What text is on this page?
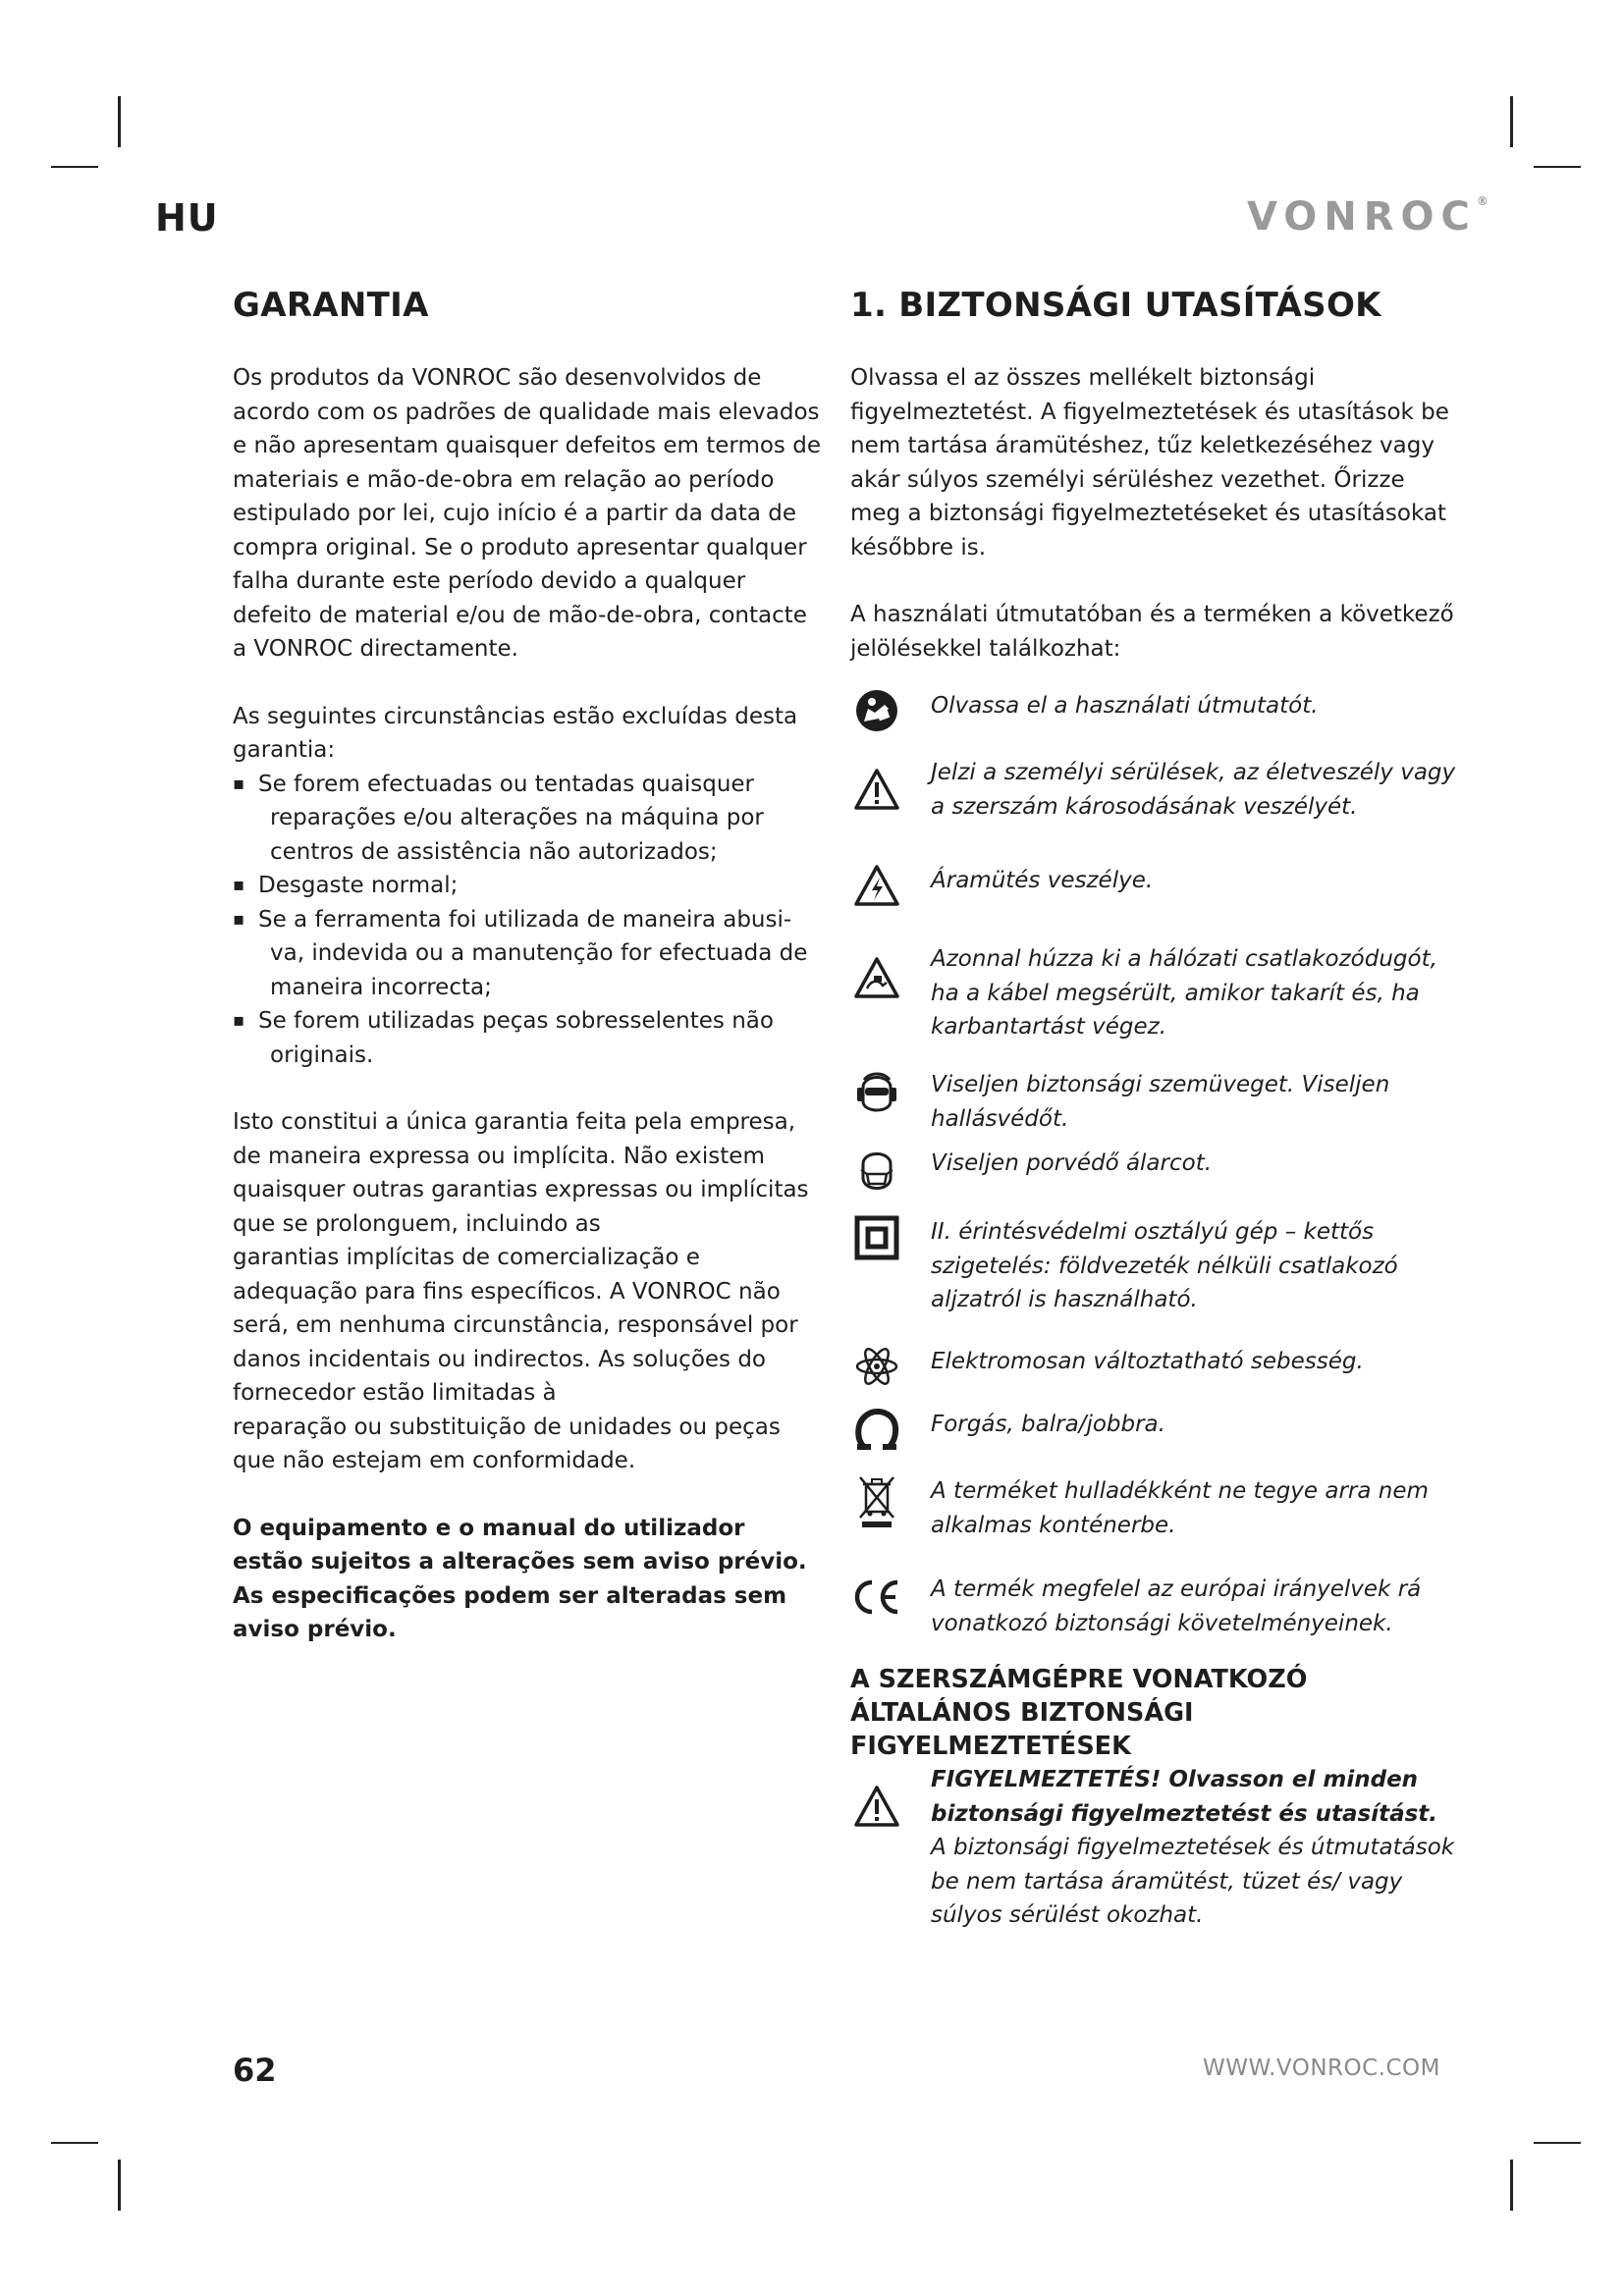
HU	VONROC®
GARANTIA

Os produtos da VONROC são desenvolvidos de acordo com os padrões de qualidade mais elevados e não apresentam quaisquer defeitos em termos de materiais e mão-de-obra em relação ao período estipulado por lei, cujo início é a partir da data de compra original. Se o produto apresentar qualquer falha durante este período devido a qualquer defeito de material e/ou de mão-de-obra, contacte a VONROC directamente.

As seguintes circunstâncias estão excluídas desta garantia:

▪ Se forem efectuadas ou tentadas quaisquer
reparações e/ou alterações na máquina por centros de assistência não autorizados;
▪ Desgaste normal;
▪ Se a ferramenta foi utilizada de maneira abusi-
va, indevida ou a manutenção for efectuada de maneira incorrecta;
▪ Se forem utilizadas peças sobresselentes não
originais.

Isto constitui a única garantia feita pela empresa, de maneira expressa ou implícita. Não existem quaisquer outras garantias expressas ou implícitas que se prolonguem, incluindo as

garantias implícitas de comercialização e adequação para fins específicos. A VONROC não será, em nenhuma circunstância, responsável por danos incidentais ou indirectos. As soluções do fornecedor estão limitadas à

reparação ou substituição de unidades ou peças que não estejam em conformidade.

O equipamento e o manual do utilizador estão sujeitos a alterações sem aviso prévio. As especificações podem ser alteradas sem aviso prévio.

1. BIZTONSÁGI UTASÍTÁSOK

Olvassa el az összes mellékelt biztonsági figyelmeztetést. A figyelmeztetések és utasítások be nem tartása áramütéshez, tűz keletkezéséhez vagy akár súlyos személyi sérüléshez vezethet. Őrizze meg a biztonsági figyelmeztetéseket és utasításokat későbbre is.

A használati útmutatóban és a terméken a következő jelölésekkel találkozhat:

Olvassa el a használati útmutatót.
Jelzi a személyi sérülések, az életveszély vagy a szerszám károsodásának veszélyét.
Áramütés veszélye.
Azonnal húzza ki a hálózati csatlakozódugót, ha a kábel megsérült, amikor takarít és, ha karbantartást végez.
Viseljen biztonsági szemüveget. Viseljen hallásvédőt.
Viseljen porvédő álarcot.
II. érintésvédelmi osztályú gép – kettős szigetelés: földvezeték nélküli csatlakozó aljzatról is használható.
Elektromosan változtatható sebesség.
Forgás, balra/jobbra.
A terméket hulladékként ne tegye arra nem alkalmas konténerbe.
A termék megfelel az európai irányelvek rá vonatkozó biztonsági követelményeinek.
A SZERSZÁMGÉPRE VONATKOZÓ ÁLTALÁNOS BIZTONSÁGI FIGYELMEZTETÉSEK
FIGYELMEZTETÉS! Olvasson el minden biztonsági figyelmeztetést és utasítást.
A biztonsági figyelmeztetések és útmutatások be nem tartása áramütést, tüzet és/ vagy súlyos sérülést okozhat.
62	WWW.VONROC.COM
